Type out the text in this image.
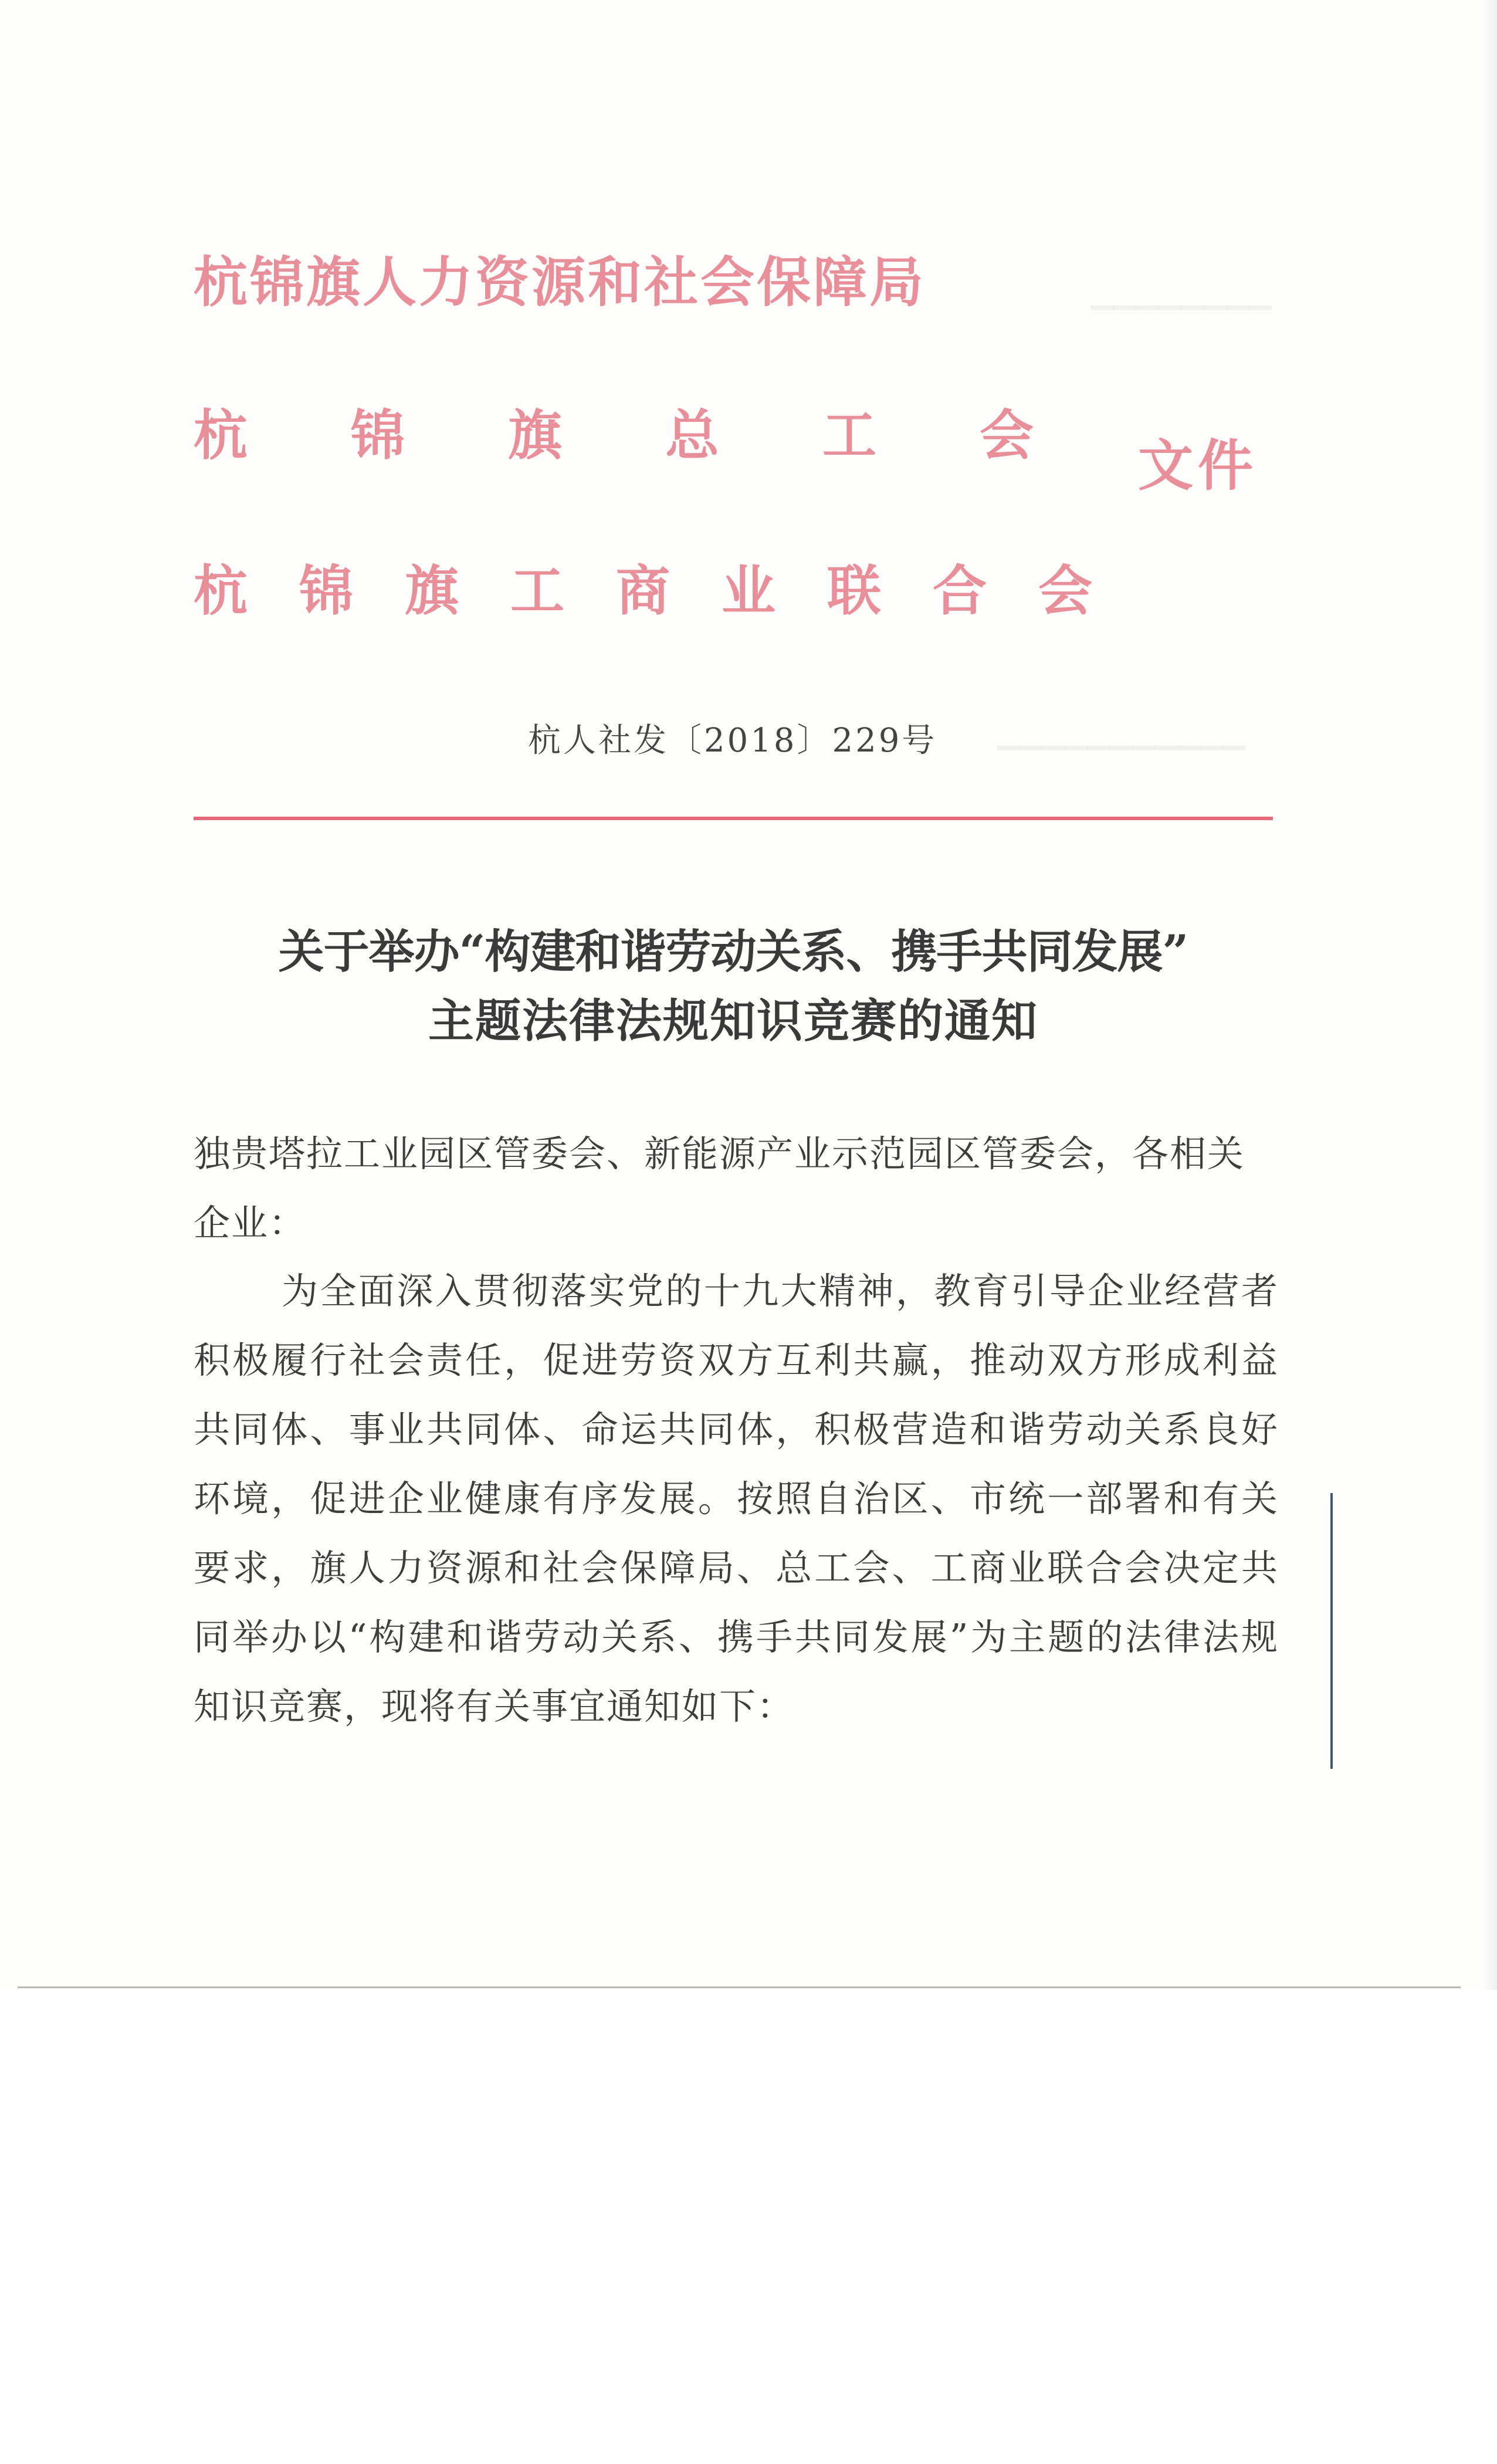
▁▁▁▁▁▁▁▁
▁▁▁▁▁▁▁▁▁▁▁
杭锦旗人力资源和社会保障局
杭锦旗总工会
杭锦旗工商业联合会
文件
杭人社发〔2018〕229号
关于举办“构建和谐劳动关系、携手共同发展”
主题法律法规知识竞赛的通知
独贵塔拉工业园区管委会、新能源产业示范园区管委会，各相关企业：
为全面深入贯彻落实党的十九大精神，教育引导企业经营者积极履行社会责任，促进劳资双方互利共赢，推动双方形成利益共同体、事业共同体、命运共同体，积极营造和谐劳动关系良好环境，促进企业健康有序发展。按照自治区、市统一部署和有关要求，旗人力资源和社会保障局、总工会、工商业联合会决定共同举办以“构建和谐劳动关系、携手共同发展”为主题的法律法规知识竞赛，现将有关事宜通知如下：
